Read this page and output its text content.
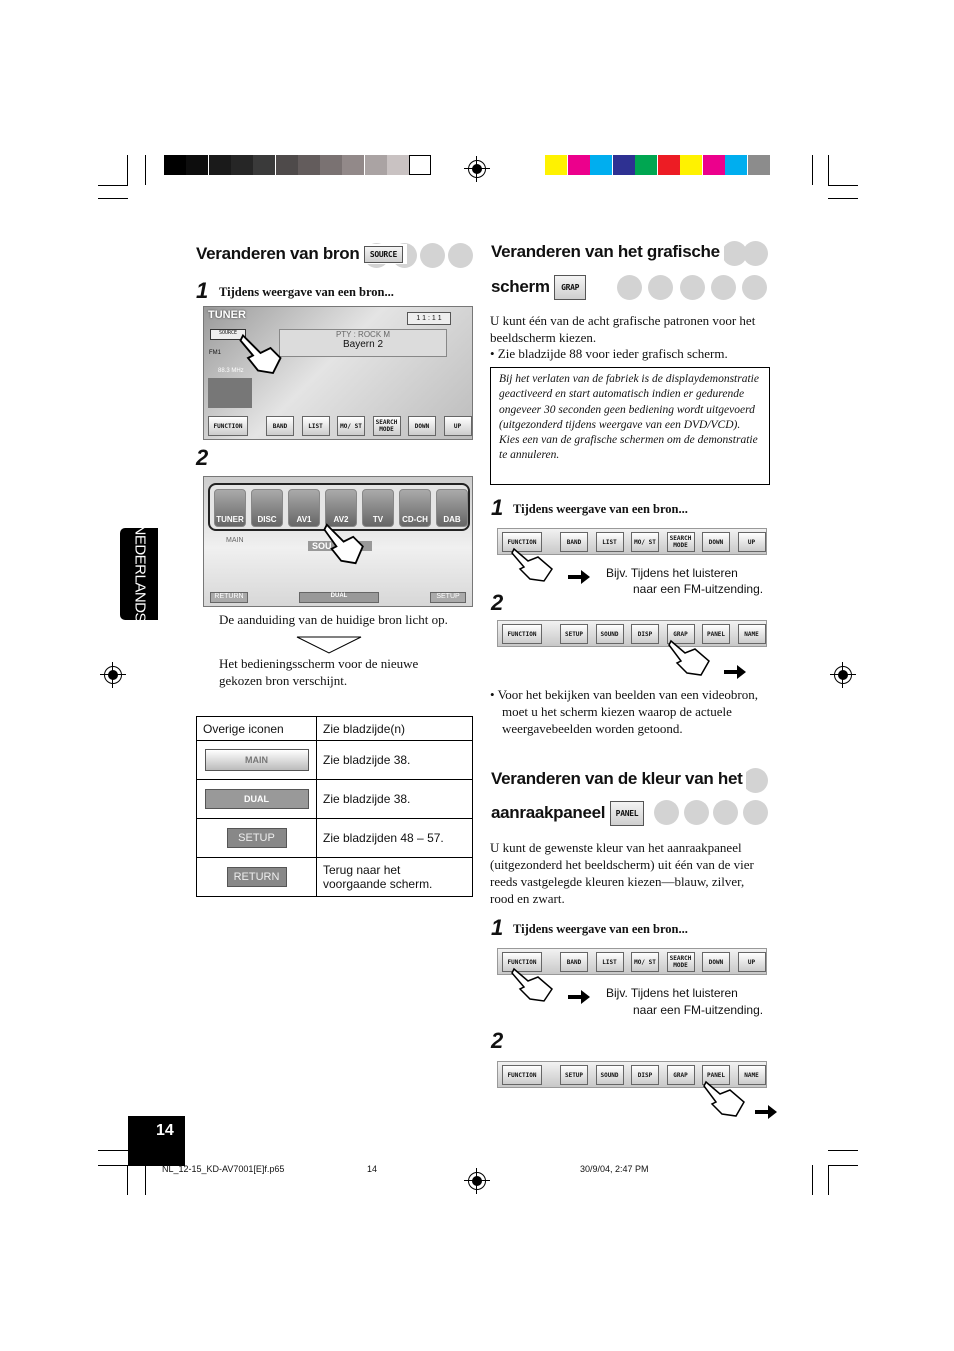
NEDERLANDS
14
Veranderen van bron SOURCE
1 Tijdens weergave van een bron...
TUNER	1 1 : 1 1
SOURCE	PTY : ROCK M
Bayern 2
FM1
88.3 MHz
FUNCTION	BAND	LIST	MO/ ST	SEARCH MODE	DOWN	UP
2
TUNER	DISC	AV1	AV2	TV	CD-CH	DAB
MAIN
SOU
RETURN	DUAL	SETUP
De aanduiding van de huidige bron licht op.
Het bedieningsscherm voor de nieuwe gekozen bron verschijnt.
Overige iconen	Zie bladzijde(n)

MAIN	Zie bladzijde 38.

DUAL	Zie bladzijde 38.

SETUP	Zie bladzijden 48 – 57.

RETURN	Terug naar het voorgaande scherm.
Veranderen van het grafische
scherm GRAP
U kunt één van de acht grafische patronen voor het beeldscherm kiezen.
• Zie bladzijde 88 voor ieder grafisch scherm.
Bij het verlaten van de fabriek is de displaydemonstratie geactiveerd en start automatisch indien er gedurende ongeveer 30 seconden geen bediening wordt uitgevoerd (uitgezonderd tijdens weergave van een DVD/VCD). Kies een van de grafische schermen om de demonstratie te annuleren.
1 Tijdens weergave van een bron...
FUNCTION	BAND	LIST	MO/ ST	SEARCH MODE	DOWN	UP
Bijv. Tijdens het luisteren
naar een FM-uitzending.
2
FUNCTION	SETUP	SOUND	DISP	GRAP	PANEL	NAME
• Voor het bekijken van beelden van een videobron, moet u het scherm kiezen waarop de actuele weergavebeelden worden getoond.
Veranderen van de kleur van het
aanraakpaneel PANEL
U kunt de gewenste kleur van het aanraakpaneel (uitgezonderd het beeldscherm) uit één van de vier reeds vastgelegde kleuren kiezen—blauw, zilver, rood en zwart.
1 Tijdens weergave van een bron...
FUNCTION	BAND	LIST	MO/ ST	SEARCH MODE	DOWN	UP
Bijv. Tijdens het luisteren
naar een FM-uitzending.
2
FUNCTION	SETUP	SOUND	DISP	GRAP	PANEL	NAME
NL_12-15_KD-AV7001[E]f.p65	14	30/9/04, 2:47 PM
